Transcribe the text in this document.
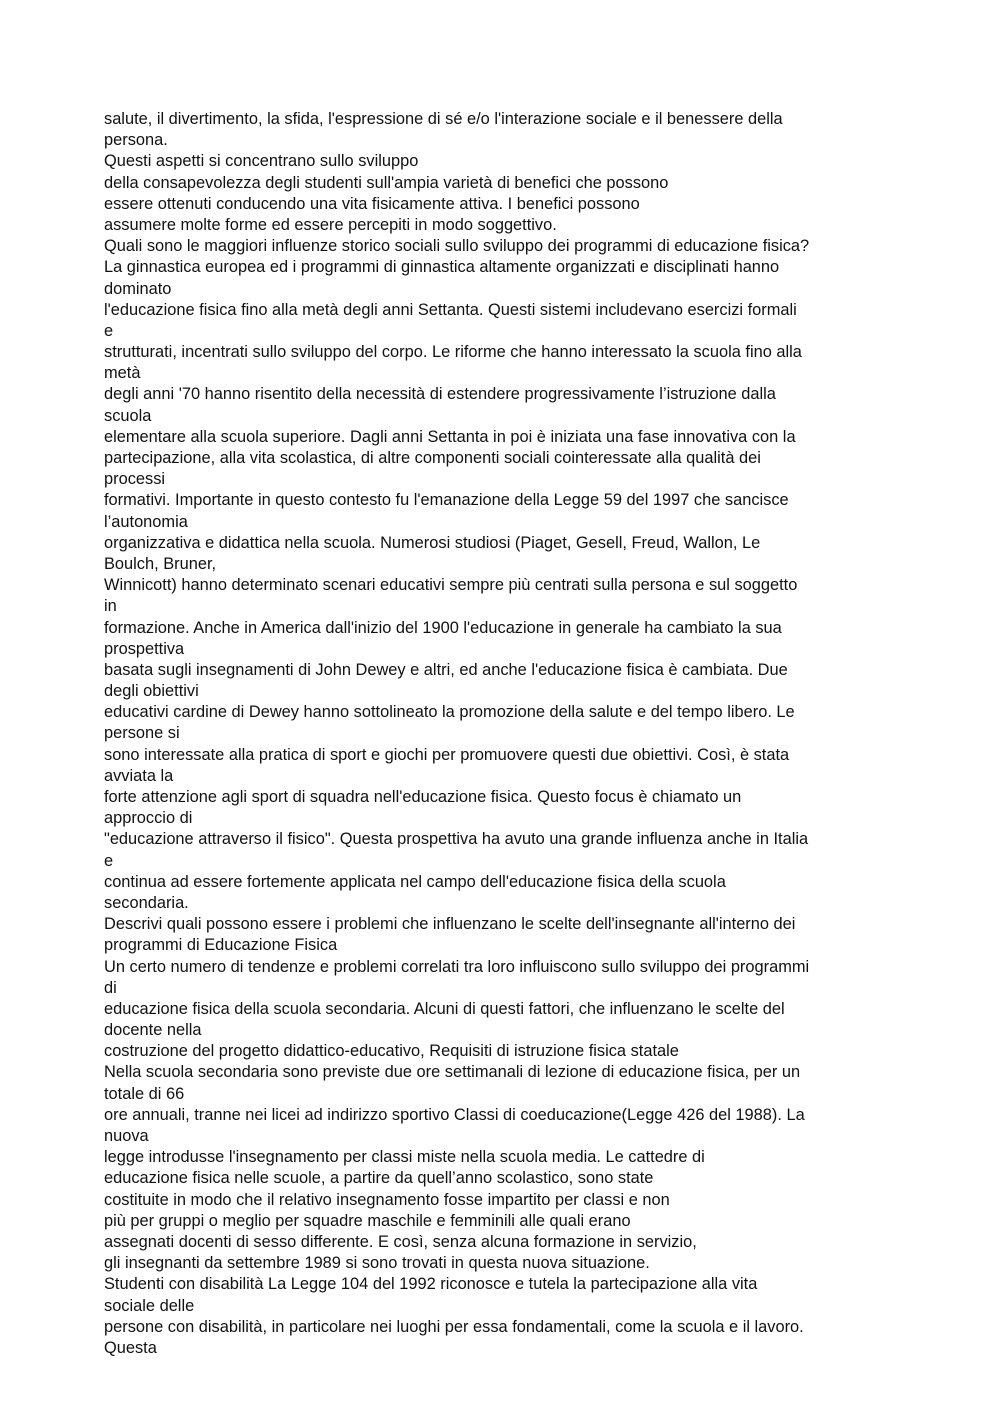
salute, il divertimento, la sfida, l'espressione di sé e/o l'interazione sociale e il benessere della
persona.
Questi aspetti si concentrano sullo sviluppo
della consapevolezza degli studenti sull'ampia varietà di benefici che possono
essere ottenuti conducendo una vita fisicamente attiva. I benefici possono
assumere molte forme ed essere percepiti in modo soggettivo.
Quali sono le maggiori influenze storico sociali sullo sviluppo dei programmi di educazione fisica?
La ginnastica europea ed i programmi di ginnastica altamente organizzati e disciplinati hanno
dominato
l'educazione fisica fino alla metà degli anni Settanta. Questi sistemi includevano esercizi formali
e
strutturati, incentrati sullo sviluppo del corpo. Le riforme che hanno interessato la scuola fino alla
metà
degli anni '70 hanno risentito della necessità di estendere progressivamente l’istruzione dalla
scuola
elementare alla scuola superiore. Dagli anni Settanta in poi è iniziata una fase innovativa con la
partecipazione, alla vita scolastica, di altre componenti sociali cointeressate alla qualità dei
processi
formativi. Importante in questo contesto fu l'emanazione della Legge 59 del 1997 che sancisce
l’autonomia
organizzativa e didattica nella scuola. Numerosi studiosi (Piaget, Gesell, Freud, Wallon, Le
Boulch, Bruner,
Winnicott) hanno determinato scenari educativi sempre più centrati sulla persona e sul soggetto
in
formazione. Anche in America dall'inizio del 1900 l'educazione in generale ha cambiato la sua
prospettiva
basata sugli insegnamenti di John Dewey e altri, ed anche l'educazione fisica è cambiata. Due
degli obiettivi
educativi cardine di Dewey hanno sottolineato la promozione della salute e del tempo libero. Le
persone si
sono interessate alla pratica di sport e giochi per promuovere questi due obiettivi. Così, è stata
avviata la
forte attenzione agli sport di squadra nell'educazione fisica. Questo focus è chiamato un
approccio di
"educazione attraverso il fisico". Questa prospettiva ha avuto una grande influenza anche in Italia
e
continua ad essere fortemente applicata nel campo dell'educazione fisica della scuola
secondaria.
Descrivi quali possono essere i problemi che influenzano le scelte dell'insegnante all'interno dei
programmi di Educazione Fisica
Un certo numero di tendenze e problemi correlati tra loro influiscono sullo sviluppo dei programmi
di
educazione fisica della scuola secondaria. Alcuni di questi fattori, che influenzano le scelte del
docente nella
costruzione del progetto didattico-educativo, Requisiti di istruzione fisica statale
Nella scuola secondaria sono previste due ore settimanali di lezione di educazione fisica, per un
totale di 66
ore annuali, tranne nei licei ad indirizzo sportivo Classi di coeducazione(Legge 426 del 1988). La
nuova
legge introdusse l'insegnamento per classi miste nella scuola media. Le cattedre di
educazione fisica nelle scuole, a partire da quell’anno scolastico, sono state
costituite in modo che il relativo insegnamento fosse impartito per classi e non
più per gruppi o meglio per squadre maschile e femminili alle quali erano
assegnati docenti di sesso differente. E così, senza alcuna formazione in servizio,
gli insegnanti da settembre 1989 si sono trovati in questa nuova situazione.
Studenti con disabilità La Legge 104 del 1992 riconosce e tutela la partecipazione alla vita
sociale delle
persone con disabilità, in particolare nei luoghi per essa fondamentali, come la scuola e il lavoro.
Questa
